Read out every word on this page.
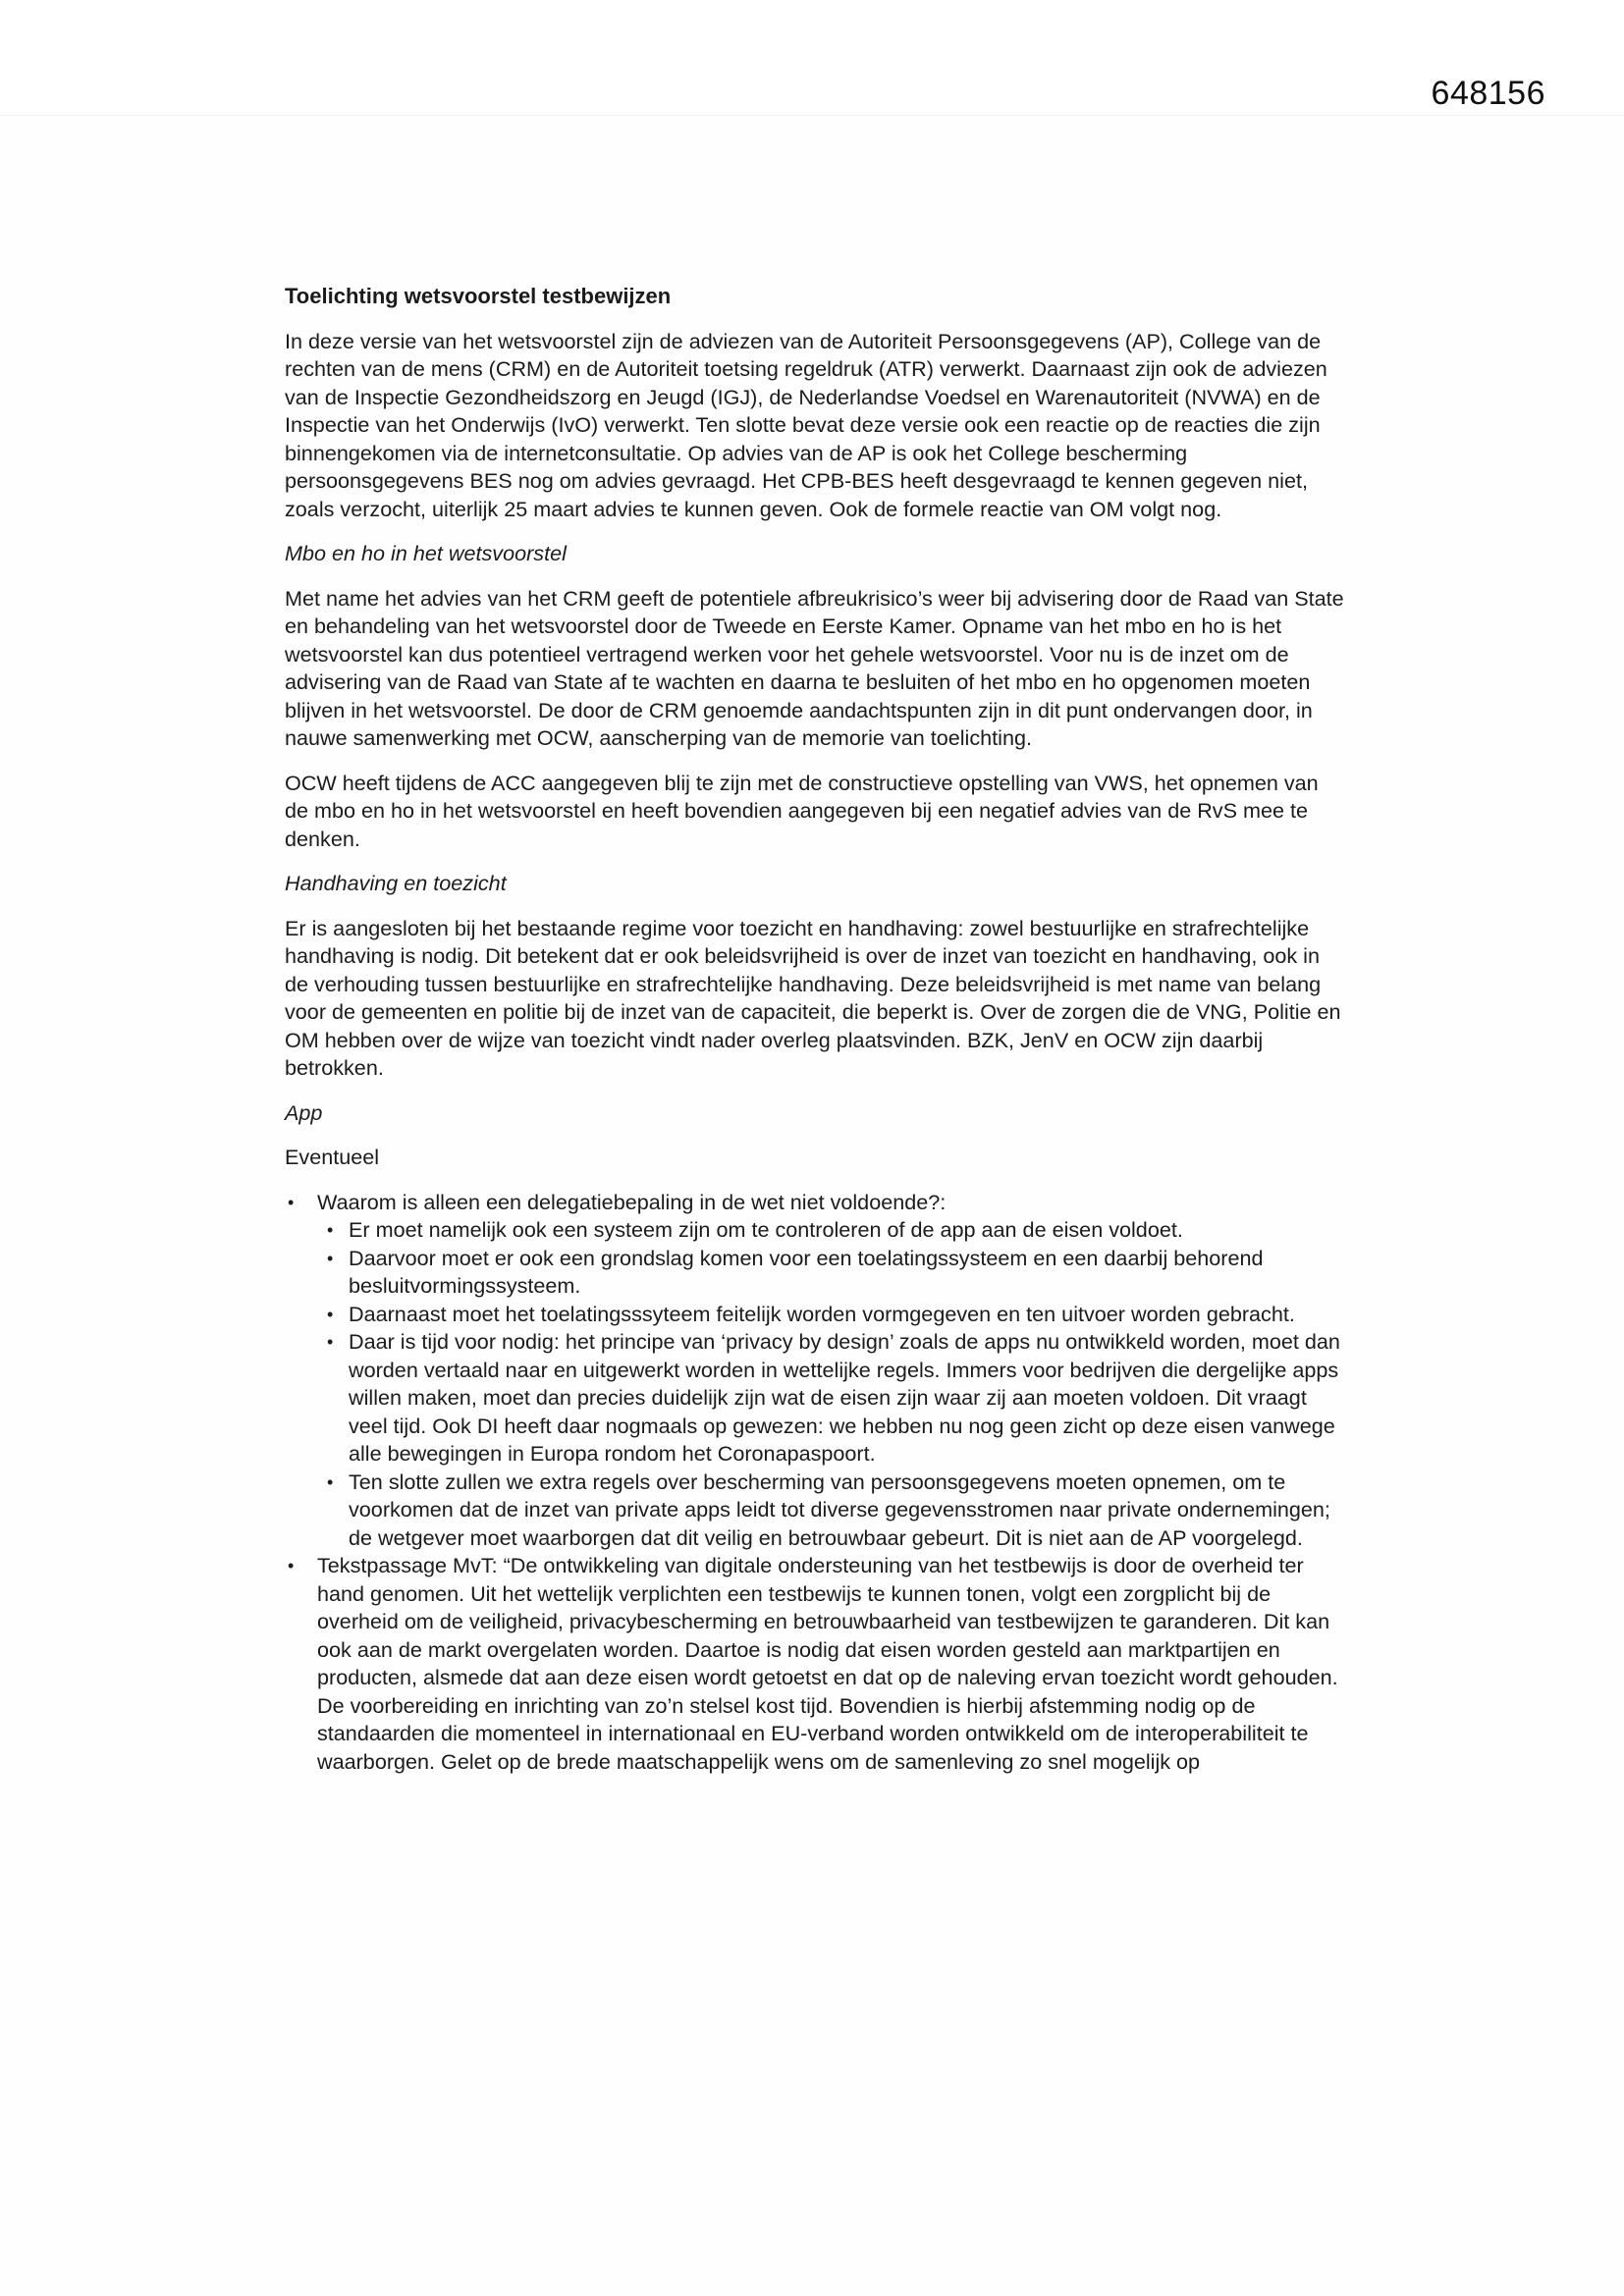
648156
Toelichting wetsvoorstel testbewijzen

In deze versie van het wetsvoorstel zijn de adviezen van de Autoriteit Persoonsgegevens (AP), College van de rechten van de mens (CRM) en de Autoriteit toetsing regeldruk (ATR) verwerkt. Daarnaast zijn ook de adviezen van de Inspectie Gezondheidszorg en Jeugd (IGJ), de Nederlandse Voedsel en Warenautoriteit (NVWA) en de Inspectie van het Onderwijs (IvO) verwerkt. Ten slotte bevat deze versie ook een reactie op de reacties die zijn binnengekomen via de internetconsultatie. Op advies van de AP is ook het College bescherming persoonsgegevens BES nog om advies gevraagd. Het CPB-BES heeft desgevraagd te kennen gegeven niet, zoals verzocht, uiterlijk 25 maart advies te kunnen geven. Ook de formele reactie van OM volgt nog.

Mbo en ho in het wetsvoorstel

Met name het advies van het CRM geeft de potentiele afbreukrisico’s weer bij advisering door de Raad van State en behandeling van het wetsvoorstel door de Tweede en Eerste Kamer. Opname van het mbo en ho is het wetsvoorstel kan dus potentieel vertragend werken voor het gehele wetsvoorstel. Voor nu is de inzet om de advisering van de Raad van State af te wachten en daarna te besluiten of het mbo en ho opgenomen moeten blijven in het wetsvoorstel. De door de CRM genoemde aandachtspunten zijn in dit punt ondervangen door, in nauwe samenwerking met OCW, aanscherping van de memorie van toelichting.

OCW heeft tijdens de ACC aangegeven blij te zijn met de constructieve opstelling van VWS, het opnemen van de mbo en ho in het wetsvoorstel en heeft bovendien aangegeven bij een negatief advies van de RvS mee te denken.

Handhaving en toezicht

Er is aangesloten bij het bestaande regime voor toezicht en handhaving: zowel bestuurlijke en strafrechtelijke handhaving is nodig. Dit betekent dat er ook beleidsvrijheid is over de inzet van toezicht en handhaving, ook in de verhouding tussen bestuurlijke en strafrechtelijke handhaving. Deze beleidsvrijheid is met name van belang voor de gemeenten en politie bij de inzet van de capaciteit, die beperkt is. Over de zorgen die de VNG, Politie en OM hebben over de wijze van toezicht vindt nader overleg plaatsvinden. BZK, JenV en OCW zijn daarbij betrokken.

App

Eventueel

•	Waarom is alleen een delegatiebepaling in de wet niet voldoende?:
• Er moet namelijk ook een systeem zijn om te controleren of de app aan de eisen voldoet.
• Daarvoor moet er ook een grondslag komen voor een toelatingssysteem en een daarbij behorend besluitvormingssysteem.
• Daarnaast moet het toelatingsssyteem feitelijk worden vormgegeven en ten uitvoer worden gebracht.
• Daar is tijd voor nodig: het principe van ‘privacy by design’ zoals de apps nu ontwikkeld worden, moet dan worden vertaald naar en uitgewerkt worden in wettelijke regels. Immers voor bedrijven die dergelijke apps willen maken, moet dan precies duidelijk zijn wat de eisen zijn waar zij aan moeten voldoen. Dit vraagt veel tijd. Ook DI heeft daar nogmaals op gewezen: we hebben nu nog geen zicht op deze eisen vanwege alle bewegingen in Europa rondom het Coronapaspoort.
• Ten slotte zullen we extra regels over bescherming van persoonsgegevens moeten opnemen, om te voorkomen dat de inzet van private apps leidt tot diverse gegevensstromen naar private ondernemingen; de wetgever moet waarborgen dat dit veilig en betrouwbaar gebeurt. Dit is niet aan de AP voorgelegd.
•	Tekstpassage MvT: “De ontwikkeling van digitale ondersteuning van het testbewijs is door de overheid ter hand genomen. Uit het wettelijk verplichten een testbewijs te kunnen tonen, volgt een zorgplicht bij de overheid om de veiligheid, privacybescherming en betrouwbaarheid van testbewijzen te garanderen. Dit kan ook aan de markt overgelaten worden. Daartoe is nodig dat eisen worden gesteld aan marktpartijen en producten, alsmede dat aan deze eisen wordt getoetst en dat op de naleving ervan toezicht wordt gehouden. De voorbereiding en inrichting van zo’n stelsel kost tijd. Bovendien is hierbij afstemming nodig op de standaarden die momenteel in internationaal en EU-verband worden ontwikkeld om de interoperabiliteit te waarborgen. Gelet op de brede maatschappelijk wens om de samenleving zo snel mogelijk op
